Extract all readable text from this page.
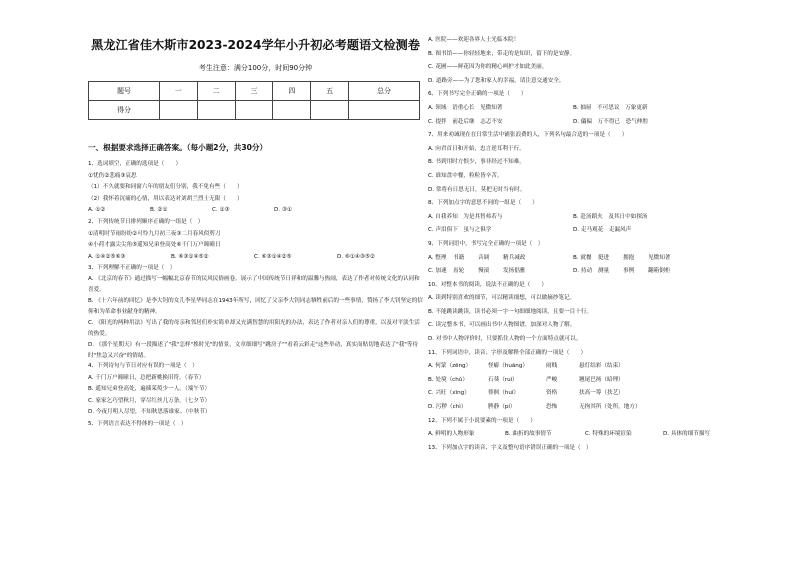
黑龙江省佳木斯市2023-2024学年小升初必考题语文检测卷
考生注意：满分100分，时间90分钟
题号	一	二	三	四	五	总分
得分						
一、根据要求选择正确答案。（每小题2分，共30分）
1、选词填空，正确的选项是（　　）
①忧伤②悲痛③哀思
（1）不久就要和同窗六年的朋友们分别，我不免有些（　　）
（2）我怀着沉痛的心情，用以表达对刘胡兰烈士无限（　　）
A. ①②	B. ②①	C. ①③	D. ③①
2、下列传统节日排列顺序正确的一组是（　）
①清明时节雨纷纷②可怜九月初三夜③二月春风似剪刀
④小荷才露尖尖角⑤遥知兄弟登高处⑥千门万户曈曈日
A. ①④②⑤⑥③	B. ⑥③①④⑤②	C. ⑥③①④②⑤	D. ⑥①④③⑤②
3、下列理解不正确的一项是（　）
A. 《北京的春节》通过描写一幅幅北京春节的民风民俗画卷，展示了中国传统节日祥和的温馨与热闹，表达了作者对传统文化的认同和喜爱。
B. 《十六年前的回忆》是李大钊的女儿李星华同志在1943年所写，回忆了父亲李大钊同志牺牲前后的一些事情，赞扬了李大钊坚定的信仰和为革命事业献身的精神。
C. 《阳光的两种用法》写出了我的母亲和邻居们朴实简单却又充满智慧的用阳光的办法，表达了作者对亲人们的尊重，以及对平淡生活的热爱。
D. 《那个星期天》有一段描述了"我"怎样"挨时光"的情景，文章细细写"跳房子""看着云彩走"这些举动，真实而贴切地表达了"我"等待时"焦急又兴奋"的情绪。
4、下列诗句与节日对应有误的一项是（　）
A. 千门万户曈曈日，总把新桃换旧符。（春节）
B. 遥知兄弟登高处，遍插茱萸少一人。（端午节）
C. 家家乞巧望秋月，穿尽红丝几万条。（七夕节）
D. 今夜月明人尽望，不知秋思落谁家。（中秋节）
5、下列语言表达不得体的一项是（　）
A. 医院——欢迎各界人士光临本院！
B. 图书馆——你轻轻地来，带走的是知识，留下的是安静。
C. 花圃——鲜花因为你的精心呵护才如此美丽。
D. 道路旁——为了您和家人的幸福，请注意交通安全。
6、下列书写完全正确的一项是（　　）
A. 领域　语重心长　见微知著	B. 抽屉　不可思议　万象更新
C. 提拌　前赴后继　志忑不安	D. 儡偏　万不得已　恐气伸腔
7、用来劝诫现在在日常生活中铺张浪费的人，下列名句最合适的一项是（　　）
A. 向君首日和开始，忠言逆耳利于行。
B. 书到用时方恨少，事非经过不知难。
C. 谁知盘中餐，粒粒皆辛苦。
D. 常将有日思无日，莫把无时当有时。
8、下列加点字的意思不同的一组是（　　）
A. 自我养知　为是其智弗若与	B. 赴汤蹈火　及其日中如探汤
C. 声泪俱下　虽与之俱学	D. 走马观花　走漏风声
9、下列词语中，书写完全正确的一项是（　）
A. 整理	书籍	音调	精兵减政	B. 就餐	挺进	拥抱	见微知著
C. 加速	齿轮	慢滚	发扬倡雅	D. 持动	测量	事例	翻箱倒柜
10、对整本书的阅读，说法不正确的是（　　）
A. 读到特别喜欢的细节，可以精读细想，可以做摘抄笔记。
B. 不能跳读跳读，读书必须一字一句细细地阅读，且要一目十行。
C. 读完整本书，可以画出书中人物图谱，加深对人物了解。
D. 对书中人物评价时，只要抓住人物的一个方面特点就可以。
11、下列词语中，读音、字形及解释全部正确的一项是（　　）
A. 何蒙（zēng）	怪癖（huāng）	闹贱	悬灯结彩（结束）
B. 处境（chǔ）	石葵（ruì）	严峻	翘尾巴扬（暗理）
C. 兴旺（xīng）	徘徊（huī）	资格	扶高一筹（扶艺）
D. 污秽（chì）	脾静（pí）	恐怖	无拘其所（处所，地方）
12、下列不属于小说要素的一项是（　　）
A. 鲜明的人物形象	B. 曲折的故事情节	C. 特殊的环境渲染	D. 具体的细节描写
13、下列加点字的读音、字义及整句语序错误正确的一项是（　）
